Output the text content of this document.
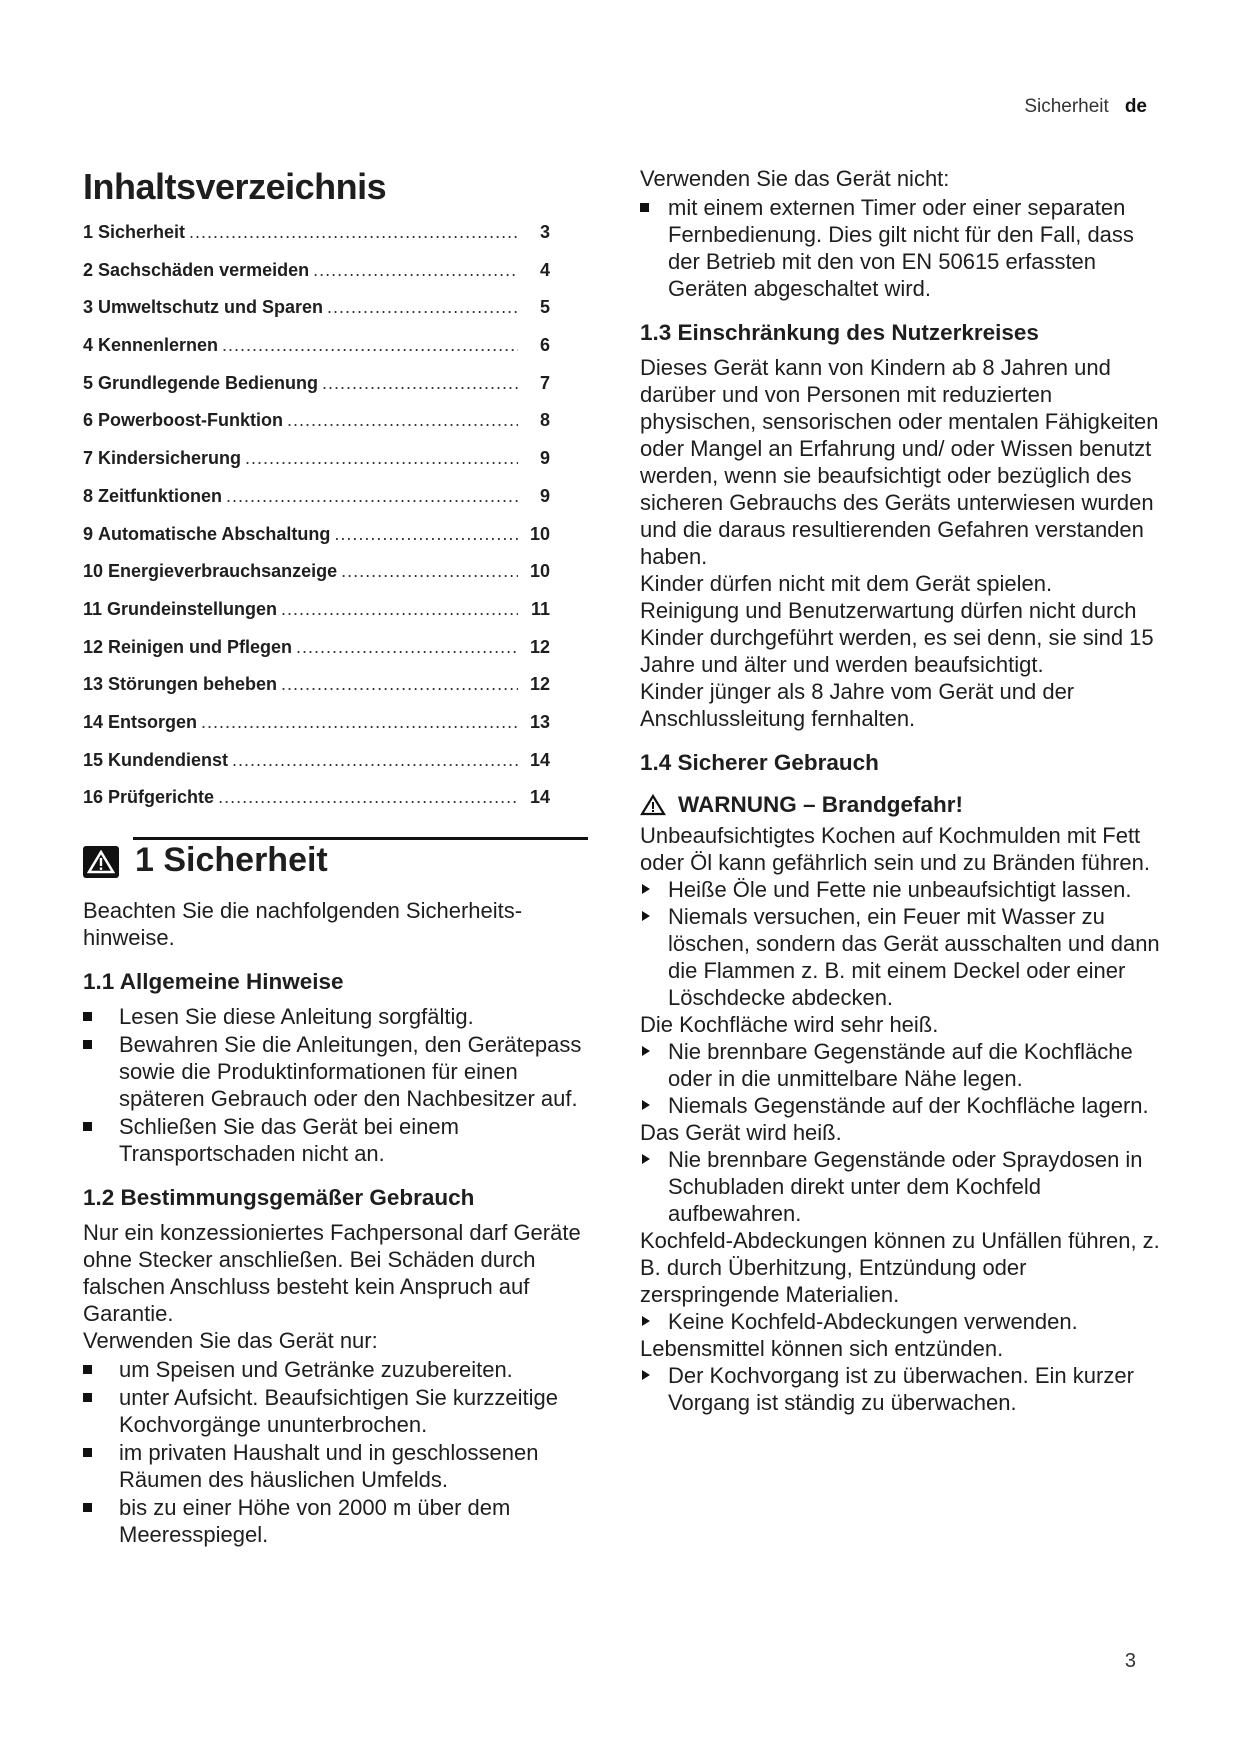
Sicherheit de
Inhaltsverzeichnis
1 Sicherheit .....	3
2 Sachschäden vermeiden .....	4
3 Umweltschutz und Sparen .....	5
4 Kennenlernen .....	6
5 Grundlegende Bedienung .....	7
6 Powerboost-Funktion .....	8
7 Kindersicherung .....	9
8 Zeitfunktionen .....	9
9 Automatische Abschaltung .....	10
10 Energieverbrauchsanzeige .....	10
11 Grundeinstellungen .....	11
12 Reinigen und Pflegen .....	12
13 Störungen beheben .....	12
14 Entsorgen .....	13
15 Kundendienst .....	14
16 Prüfgerichte .....	14
1 Sicherheit

Beachten Sie die nachfolgenden Sicherheits-hinweise.

1.1 Allgemeine Hinweise
Lesen Sie diese Anleitung sorgfältig.
Bewahren Sie die Anleitungen, den Gerätepass sowie die Produktinformationen für einen späteren Gebrauch oder den Nachbesitzer auf.
Schließen Sie das Gerät bei einem Transportschaden nicht an.
1.2 Bestimmungsgemäßer Gebrauch

Nur ein konzessioniertes Fachpersonal darf Geräte ohne Stecker anschließen. Bei Schäden durch falschen Anschluss besteht kein Anspruch auf Garantie.

Verwenden Sie das Gerät nur:

um Speisen und Getränke zuzubereiten.
unter Aufsicht. Beaufsichtigen Sie kurzzeitige Kochvorgänge ununterbrochen.
im privaten Haushalt und in geschlossenen Räumen des häuslichen Umfelds.
bis zu einer Höhe von 2000 m über dem Meeresspiegel.

Verwenden Sie das Gerät nicht:

mit einem externen Timer oder einer separaten Fernbedienung. Dies gilt nicht für den Fall, dass der Betrieb mit den von EN 50615 erfassten Geräten abgeschaltet wird.
1.3 Einschränkung des Nutzerkreises

Dieses Gerät kann von Kindern ab 8 Jahren und darüber und von Personen mit reduzierten physischen, sensorischen oder mentalen Fähigkeiten oder Mangel an Erfahrung und/ oder Wissen benutzt werden, wenn sie beaufsichtigt oder bezüglich des sicheren Gebrauchs des Geräts unterwiesen wurden und die daraus resultierenden Gefahren verstanden haben.

Kinder dürfen nicht mit dem Gerät spielen.

Reinigung und Benutzerwartung dürfen nicht durch Kinder durchgeführt werden, es sei denn, sie sind 15 Jahre und älter und werden beaufsichtigt.

Kinder jünger als 8 Jahre vom Gerät und der Anschlussleitung fernhalten.

1.4 Sicherer Gebrauch
WARNUNG – Brandgefahr!

Unbeaufsichtigtes Kochen auf Kochmulden mit Fett oder Öl kann gefährlich sein und zu Bränden führen.

Heiße Öle und Fette nie unbeaufsichtigt lassen.
Niemals versuchen, ein Feuer mit Wasser zu löschen, sondern das Gerät ausschalten und dann die Flammen z. B. mit einem Deckel oder einer Löschdecke abdecken.

Die Kochfläche wird sehr heiß.

Nie brennbare Gegenstände auf die Kochfläche oder in die unmittelbare Nähe legen.
Niemals Gegenstände auf der Kochfläche lagern.

Das Gerät wird heiß.

Nie brennbare Gegenstände oder Spraydosen in Schubladen direkt unter dem Kochfeld aufbewahren.

Kochfeld-Abdeckungen können zu Unfällen führen, z. B. durch Überhitzung, Entzündung oder zerspringende Materialien.

Keine Kochfeld-Abdeckungen verwenden.

Lebensmittel können sich entzünden.

Der Kochvorgang ist zu überwachen. Ein kurzer Vorgang ist ständig zu überwachen.
3
